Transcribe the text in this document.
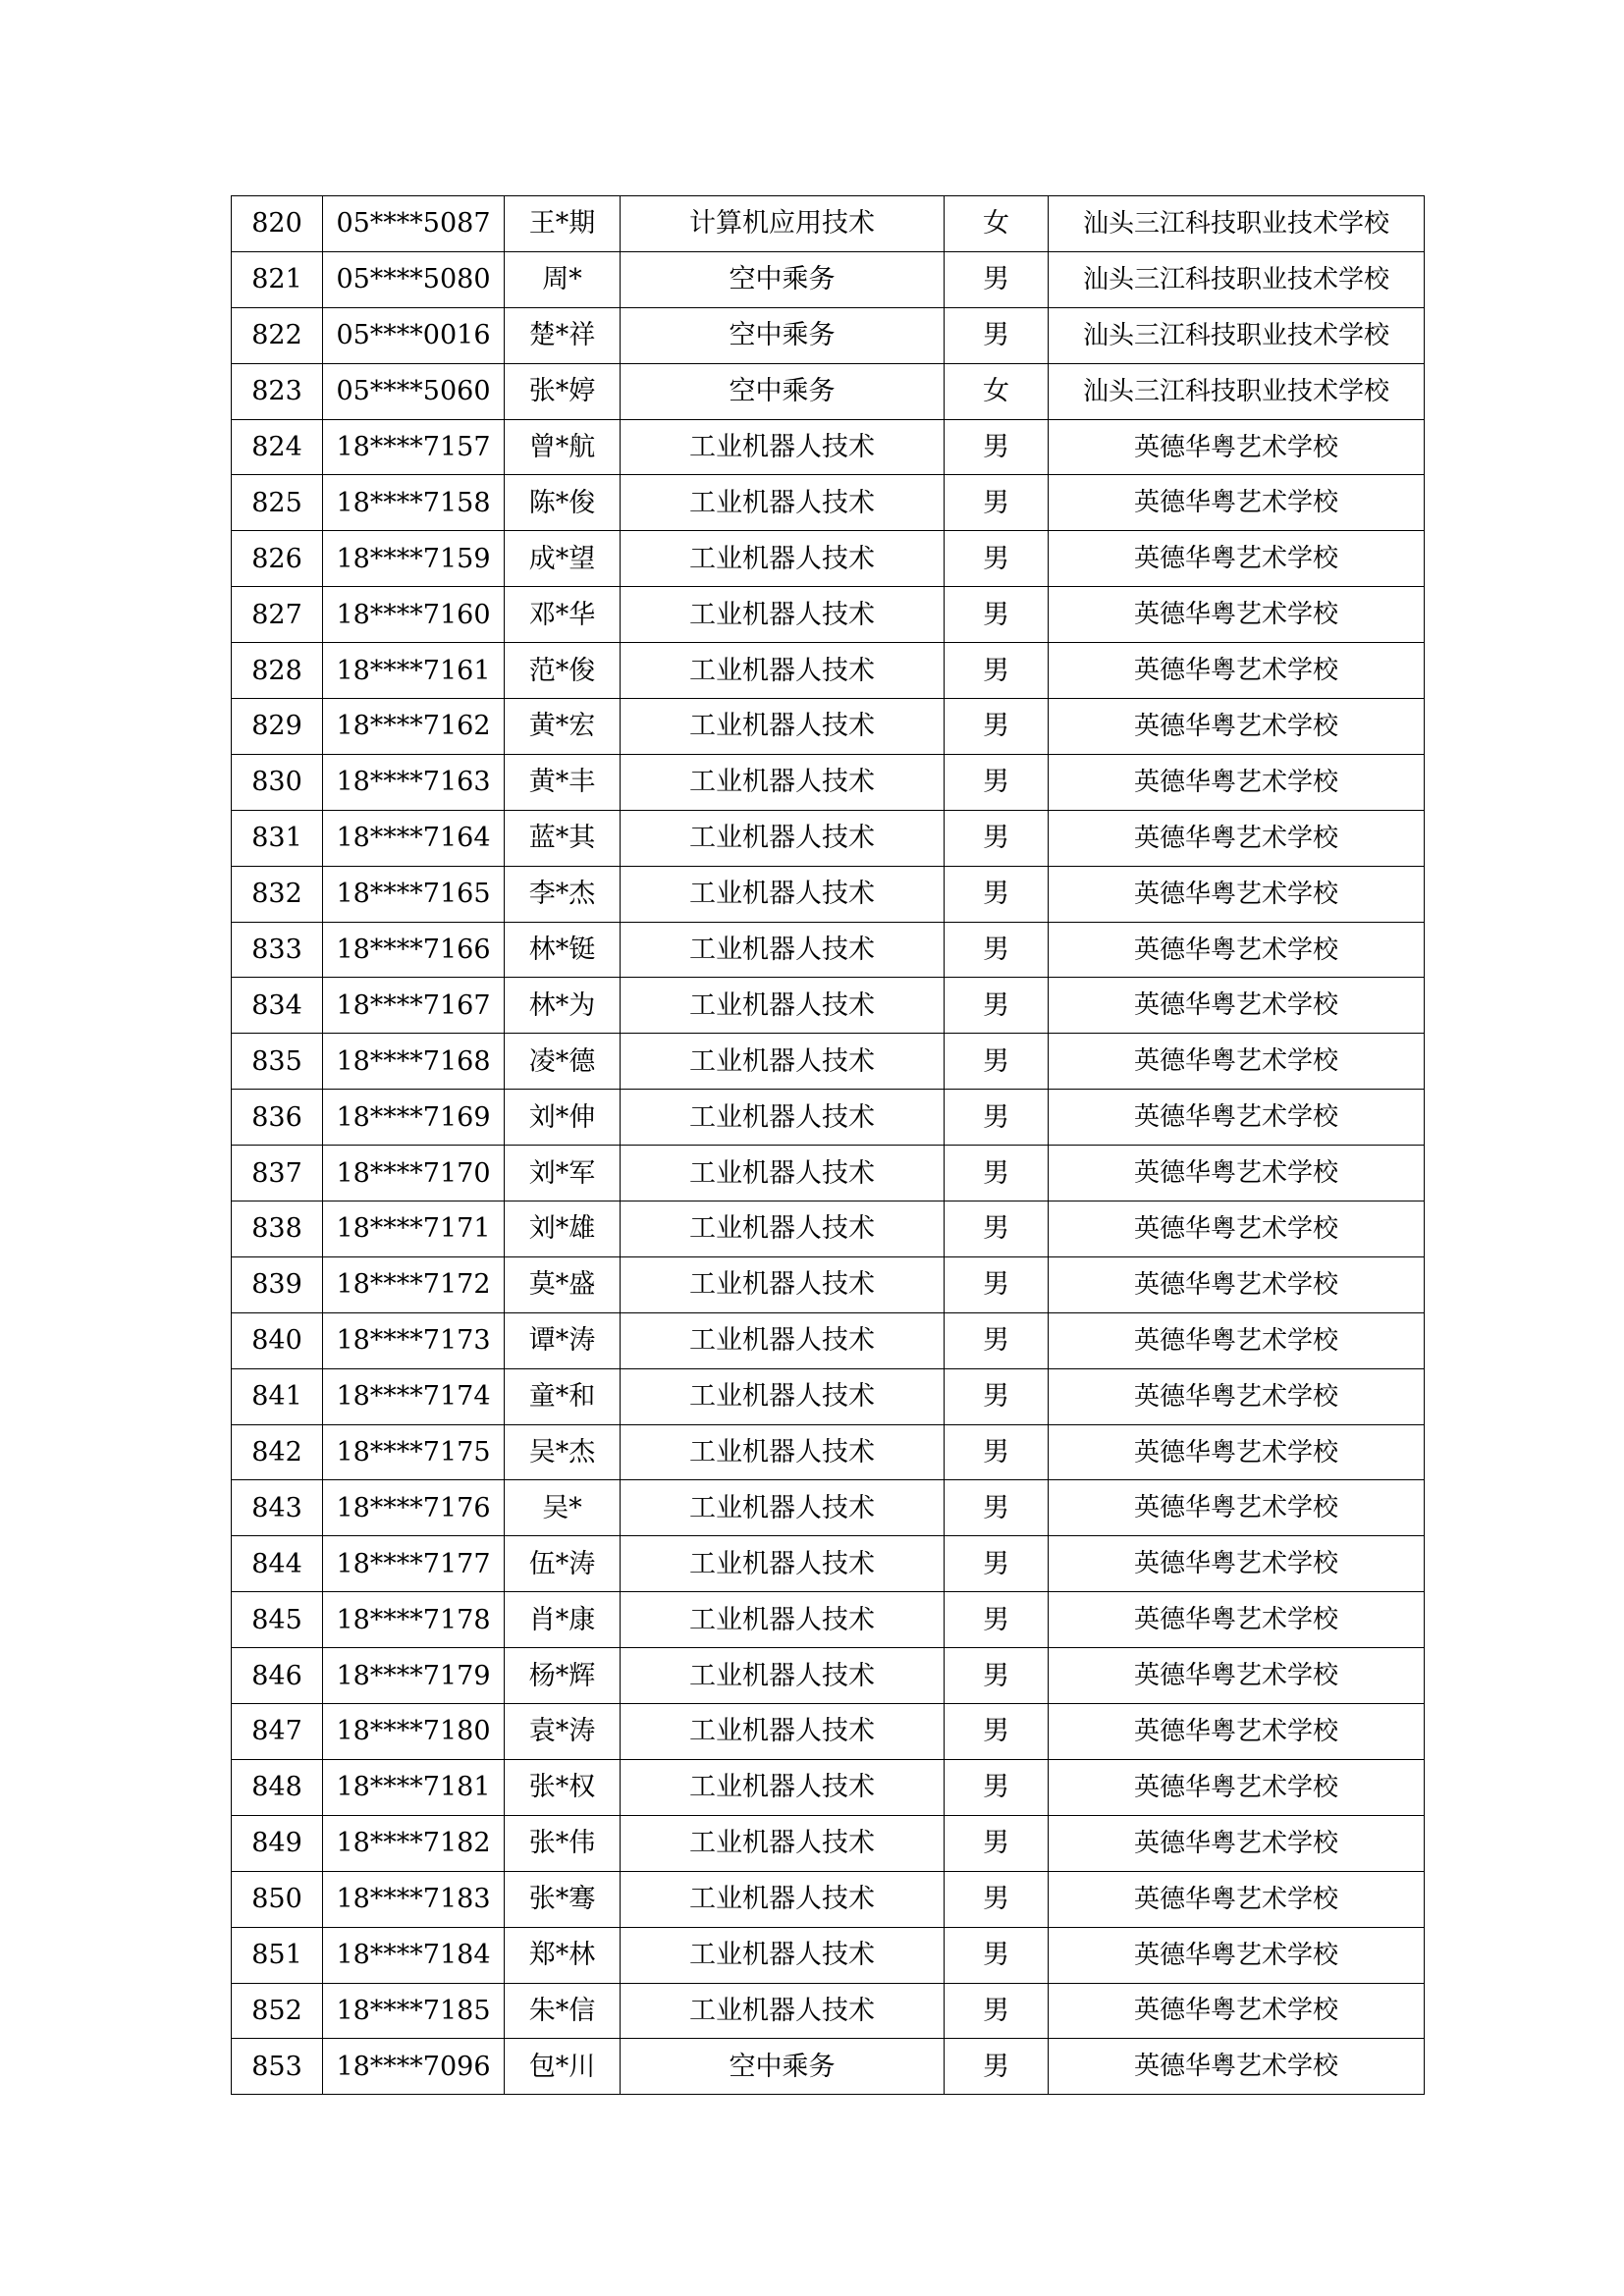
820	05****5087	王*期	计算机应用技术	女	汕头三江科技职业技术学校
821	05****5080	周*	空中乘务	男	汕头三江科技职业技术学校
822	05****0016	楚*祥	空中乘务	男	汕头三江科技职业技术学校
823	05****5060	张*婷	空中乘务	女	汕头三江科技职业技术学校
824	18****7157	曾*航	工业机器人技术	男	英德华粤艺术学校
825	18****7158	陈*俊	工业机器人技术	男	英德华粤艺术学校
826	18****7159	成*望	工业机器人技术	男	英德华粤艺术学校
827	18****7160	邓*华	工业机器人技术	男	英德华粤艺术学校
828	18****7161	范*俊	工业机器人技术	男	英德华粤艺术学校
829	18****7162	黄*宏	工业机器人技术	男	英德华粤艺术学校
830	18****7163	黄*丰	工业机器人技术	男	英德华粤艺术学校
831	18****7164	蓝*其	工业机器人技术	男	英德华粤艺术学校
832	18****7165	李*杰	工业机器人技术	男	英德华粤艺术学校
833	18****7166	林*铤	工业机器人技术	男	英德华粤艺术学校
834	18****7167	林*为	工业机器人技术	男	英德华粤艺术学校
835	18****7168	凌*德	工业机器人技术	男	英德华粤艺术学校
836	18****7169	刘*伸	工业机器人技术	男	英德华粤艺术学校
837	18****7170	刘*军	工业机器人技术	男	英德华粤艺术学校
838	18****7171	刘*雄	工业机器人技术	男	英德华粤艺术学校
839	18****7172	莫*盛	工业机器人技术	男	英德华粤艺术学校
840	18****7173	谭*涛	工业机器人技术	男	英德华粤艺术学校
841	18****7174	童*和	工业机器人技术	男	英德华粤艺术学校
842	18****7175	吴*杰	工业机器人技术	男	英德华粤艺术学校
843	18****7176	吴*	工业机器人技术	男	英德华粤艺术学校
844	18****7177	伍*涛	工业机器人技术	男	英德华粤艺术学校
845	18****7178	肖*康	工业机器人技术	男	英德华粤艺术学校
846	18****7179	杨*辉	工业机器人技术	男	英德华粤艺术学校
847	18****7180	袁*涛	工业机器人技术	男	英德华粤艺术学校
848	18****7181	张*权	工业机器人技术	男	英德华粤艺术学校
849	18****7182	张*伟	工业机器人技术	男	英德华粤艺术学校
850	18****7183	张*骞	工业机器人技术	男	英德华粤艺术学校
851	18****7184	郑*林	工业机器人技术	男	英德华粤艺术学校
852	18****7185	朱*信	工业机器人技术	男	英德华粤艺术学校
853	18****7096	包*川	空中乘务	男	英德华粤艺术学校
